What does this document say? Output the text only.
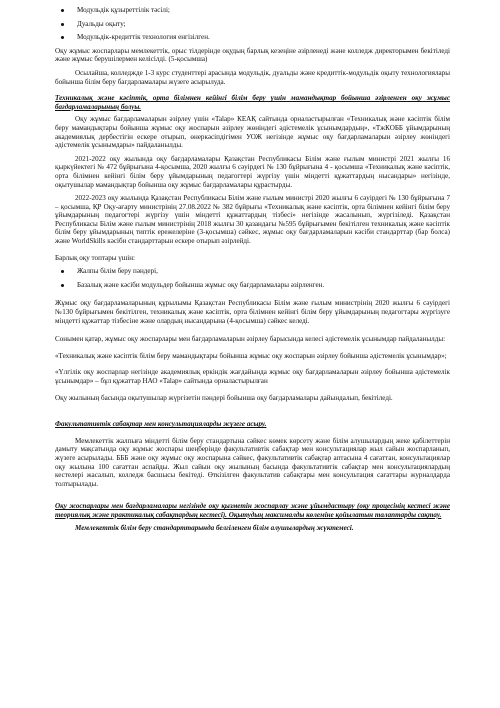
Модульдік құзыреттілік тәсілі;
Дуальды оқыту;
Модульдік-кредиттік технология енгізілген.

Оқу жұмыс жоспарлары мемлекеттік, орыс тілдерінде оқудың барлық кезеңіне әзірленеді және колледж директорымен бекітіледі және жұмыс берушілермен келісілді. (5-қосымша)

Осылайша, колледжде 1-3 курс студенттері арасында модульдік, дуальды және кредиттік-модульдік оқыту технологиялары бойынша білім беру бағдарламалары жүзеге асырылуда.

Техникалық және кәсіптік, орта білімнен кейінгі білім беру үшін мамандықтар бойынша әзірленген оқу жұмыс бағдарламаларының болуы.

Оқу жұмыс бағдарламаларын әзірлеу үшін «Talap» КЕАҚ сайтында орналастырылған «Техникалық және кәсіптік білім беру мамандықтары бойынша жұмыс оқу жоспарын әзірлеу жөніндегі әдістемелік ұсынымдардың», «ТжКОББ ұйымдарының академиялық дербестігін ескере отырып, өнеркәсіпдігімен УОЖ негізінде жұмыс оқу бағдарламаларын әзірлеу жөніндегі әдістемелік ұсынымдары» пайдаланылды.

2021-2022 оқу жылында оқу бағдарламалары Қазақстан Республикасы Білім және ғылым министрі 2021 жылғы 16 қыркүйектегі № 472 бұйрығына 4-қосымша, 2020 жылғы 6 сәуірдегі № 130 бұйрығына 4 - қосымша «Техникалық және кәсіптік, орта білімнен кейінгі білім беру ұйымдарының педагогтері жүргізу үшін міндетті құжаттардың нысандары» негізінде, оқытушылар мамандықтар бойынша оқу жұмыс бағдарламалары құрастырды.

2022-2023 оқу жылында Қазақстан Республикасы Білім және ғылым министрі 2020 жылғы 6 сәуірдегі № 130 бұйрығына 7 – қосымша, ҚР Оқу-ағарту министрінің 27.08.2022 № 382 бұйрығы «Техникалық және кәсіптік, орта білімнен кейінгі білім беру ұйымдарының педагогтері жүргізу үшін міндетті құжаттардың тізбесі» негізінде жасалынып, жүргізіледі. Қазақстан Республикасы Білім және ғылым министрінің 2018 жылғы 30 қазандағы №595 бұйрығымен бекітілген техникалық және кәсіптік білім беру ұйымдарының типтік ережелеріне (3-қосымша) сәйкес, жұмыс оқу бағдарламаларын кәсіби стандарттар (бар болса) және WorldSkills кәсіби стандарттарын ескере отырып әзірлейді.

Барлық оқу топтары үшін:

Жалпы білім беру пәндері,
Базалық және кәсіби модульдер бойынша жұмыс оқу бағдарламалары әзірленген.

Жұмыс оқу бағдарламаларының құрылымы Қазақстан Республикасы Білім және ғылым министрінің 2020 жылғы 6 сәуірдегі №130 бұйрығымен бекітілген, техникалық және кәсіптік, орта білімнен кейінгі білім беру ұйымдарының педагогтары жүргізуге міндетті құжаттар тізбесіне және олардың нысандарына (4-қосымша) сәйкес келеді.

Сонымен қатар, жұмыс оқу жоспарлары мен бағдарламаларын әзірлеу барысында келесі әдістемелік ұсынымдар пайдаланылды:

«Техникалық және кәсіптік білім беру мамандықтары бойынша жұмыс оқу жоспарын әзірлеу бойынша әдістемелік ұсынымдар»;

«Үлгілік оқу жоспарлар негізінде академиялық еркіндік жағдайында жұмыс оқу бағдарламаларын әзірлеу бойынша әдістемелік ұсынымдар» – бұл құжаттар НАО «Talap» сайтында орналастырылған

Оқу жылының басында оқытушылар жүргізетін пәндері бойынша оқу бағдарламалары дайындалып, бекітіледі.

Факультативтік сабақтар мен консультацияларды жүзеге асыру.

Мемлекеттік жалпыға міндетті білім беру стандартына сәйкес көмек көрсету және білім алушылардың жеке қабілеттерін дамыту мақсатында оқу жұмыс жоспары шеңберінде факультативтік сабақтар мен консультациялар жыл сайын жоспарланып, жүзеге асырылады. БББ және оқу жұмыс оқу жоспарына сәйкес, факультативтік сабақтар аптасына 4 сағаттан, консультациялар оқу жылына 100 сағаттан аспайды. Жыл сайын оқу жылының басында факультативтік сабақтар мен консультациялардың кестелері жасалып, колледж басшысы бекітеді. Өткізілген факультатив сабақтары мен консультация сағаттары журналдарда толтырылады.

Оқу жоспарлары мен бағдарламалары негізінде оқу қызметін жоспарлау және ұйымдастыру (оқу процесінің кестесі және теориялық және практикалық сабақтардың кестесі). Оқытудың максималды көлеміне қойылатын талаптарды сақтау.

Мемлекеттік білім беру стандарттарында белгіленген білім алушылардың жүктемесі.
